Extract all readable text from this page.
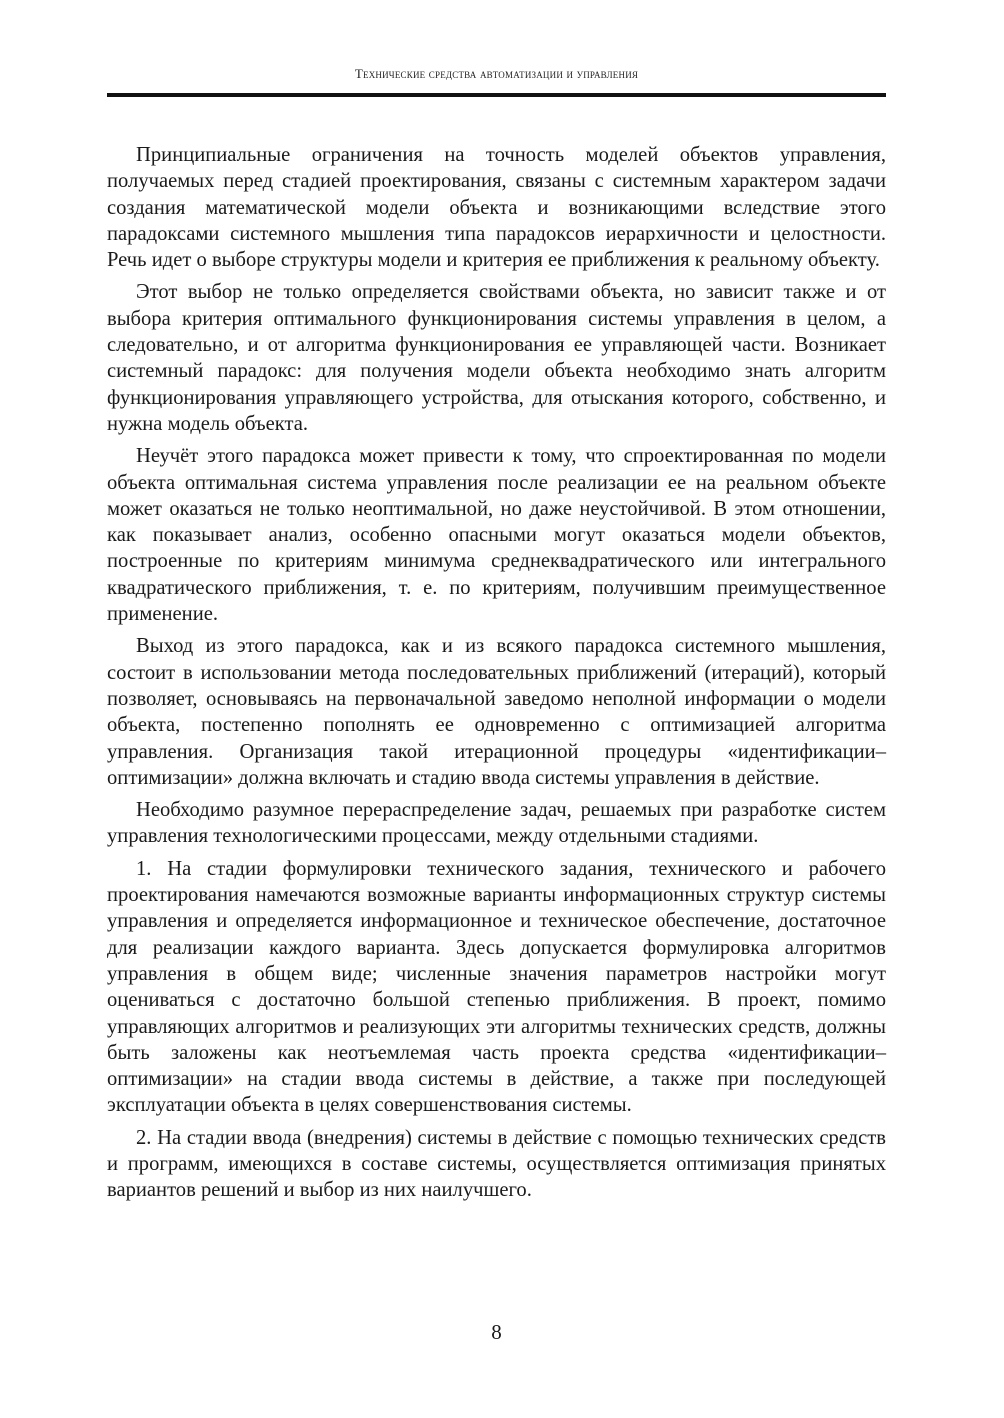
Технические средства автоматизации и управления

Принципиальные ограничения на точность моделей объектов управления, получаемых перед стадией проектирования, связаны с системным характером задачи создания математической модели объекта и возникающими вследствие этого парадоксами системного мышления типа парадоксов иерархичности и целостности. Речь идет о выборе структуры модели и критерия ее приближения к реальному объекту.

Этот выбор не только определяется свойствами объекта, но зависит также и от выбора критерия оптимального функционирования системы управления в целом, а следовательно, и от алгоритма функционирования ее управляющей части. Возникает системный парадокс: для получения модели объекта необходимо знать алгоритм функционирования управляющего устройства, для отыскания которого, собственно, и нужна модель объекта.

Неучёт этого парадокса может привести к тому, что спроектированная по модели объекта оптимальная система управления после реализации ее на реальном объекте может оказаться не только неоптимальной, но даже неустойчивой. В этом отношении, как показывает анализ, особенно опасными могут оказаться модели объектов, построенные по критериям минимума среднеквадратического или интегрального квадратического приближения, т. е. по критериям, получившим преимущественное применение.

Выход из этого парадокса, как и из всякого парадокса системного мышления, состоит в использовании метода последовательных приближений (итераций), который позволяет, основываясь на первоначальной заведомо неполной информации о модели объекта, постепенно пополнять ее одновременно с оптимизацией алгоритма управления. Организация такой итерационной процедуры «идентификации–оптимизации» должна включать и стадию ввода системы управления в действие.

Необходимо разумное перераспределение задач, решаемых при разработке систем управления технологическими процессами, между отдельными стадиями.

1. На стадии формулировки технического задания, технического и рабочего проектирования намечаются возможные варианты информационных структур системы управления и определяется информационное и техническое обеспечение, достаточное для реализации каждого варианта. Здесь допускается формулировка алгоритмов управления в общем виде; численные значения параметров настройки могут оцениваться с достаточно большой степенью приближения. В проект, помимо управляющих алгоритмов и реализующих эти алгоритмы технических средств, должны быть заложены как неотъемлемая часть проекта средства «идентификации–оптимизации» на стадии ввода системы в действие, а также при последующей эксплуатации объекта в целях совершенствования системы.

2. На стадии ввода (внедрения) системы в действие с помощью технических средств и программ, имеющихся в составе системы, осуществляется оптимизация принятых вариантов решений и выбор из них наилучшего.

8
